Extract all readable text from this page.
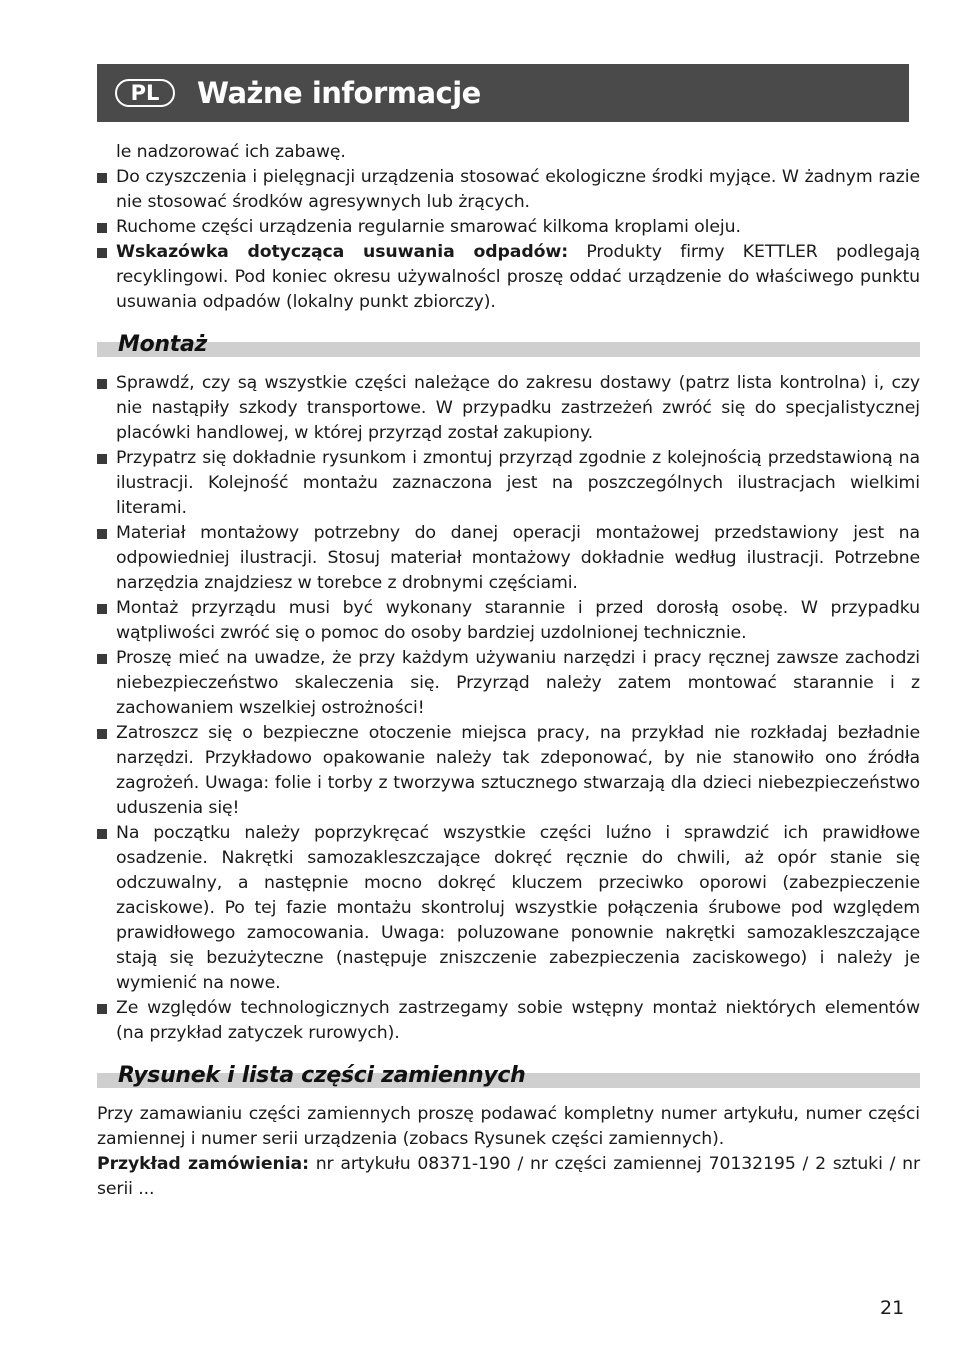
PL	Ważne informacje

le nadzorować ich zabawę.

Do czyszczenia i pielęgnacji urządzenia stosować ekologiczne środki myjące. W żadnym razie nie stosować środków agresywnych lub żrących.

Ruchome części urządzenia regularnie smarować kilkoma kroplami oleju.

Wskazówka dotycząca usuwania odpadów: Produkty firmy KETTLER podlegają recyklingowi. Pod koniec okresu używalnoścl proszę oddać urządzenie do właściwego punktu usuwania odpadów (lokalny punkt zbiorczy).

Montaż

Sprawdź, czy są wszystkie części należące do zakresu dostawy (patrz lista kontrolna) i, czy nie nastąpiły szkody transportowe. W przypadku zastrzeżeń zwróć się do specjalistycznej placówki handlowej, w której przyrząd został zakupiony.

Przypatrz się dokładnie rysunkom i zmontuj przyrząd zgodnie z kolejnością przedstawioną na ilustracji. Kolejność montażu zaznaczona jest na poszczególnych ilustracjach wielkimi literami.

Materiał montażowy potrzebny do danej operacji montażowej przedstawiony jest na odpowiedniej ilustracji. Stosuj materiał montażowy dokładnie według ilustracji. Potrzebne narzędzia znajdziesz w torebce z drobnymi częściami.

Montaż przyrządu musi być wykonany starannie i przed dorosłą osobę. W przypadku wątpliwości zwróć się o pomoc do osoby bardziej uzdolnionej technicznie.

Proszę mieć na uwadze, że przy każdym używaniu narzędzi i pracy ręcznej zawsze zachodzi niebezpieczeństwo skaleczenia się. Przyrząd należy zatem montować starannie i z zachowaniem wszelkiej ostrożności!

Zatroszcz się o bezpieczne otoczenie miejsca pracy, na przykład nie rozkładaj bezładnie narzędzi. Przykładowo opakowanie należy tak zdeponować, by nie stanowiło ono źródła zagrożeń. Uwaga: folie i torby z tworzywa sztucznego stwarzają dla dzieci niebezpieczeństwo uduszenia się!

Na początku należy poprzykręcać wszystkie części luźno i sprawdzić ich prawidłowe osadzenie. Nakrętki samozakleszczające dokręć ręcznie do chwili, aż opór stanie się odczuwalny, a następnie mocno dokręć kluczem przeciwko oporowi (zabezpieczenie zaciskowe). Po tej fazie montażu skontroluj wszystkie połączenia śrubowe pod względem prawidłowego zamocowania. Uwaga: poluzowane ponownie nakrętki samozakleszczające stają się bezużyteczne (następuje zniszczenie zabezpieczenia zaciskowego) i należy je wymienić na nowe.

Ze względów technologicznych zastrzegamy sobie wstępny montaż niektórych elementów (na przykład zatyczek rurowych).

Rysunek i lista części zamiennych

Przy zamawianiu części zamiennych proszę podawać kompletny numer artykułu, numer części zamiennej i numer serii urządzenia (zobacs Rysunek części zamiennych).

Przykład zamówienia: nr artykułu 08371-190 / nr części zamiennej 70132195 / 2 sztuki / nr serii ...

21
